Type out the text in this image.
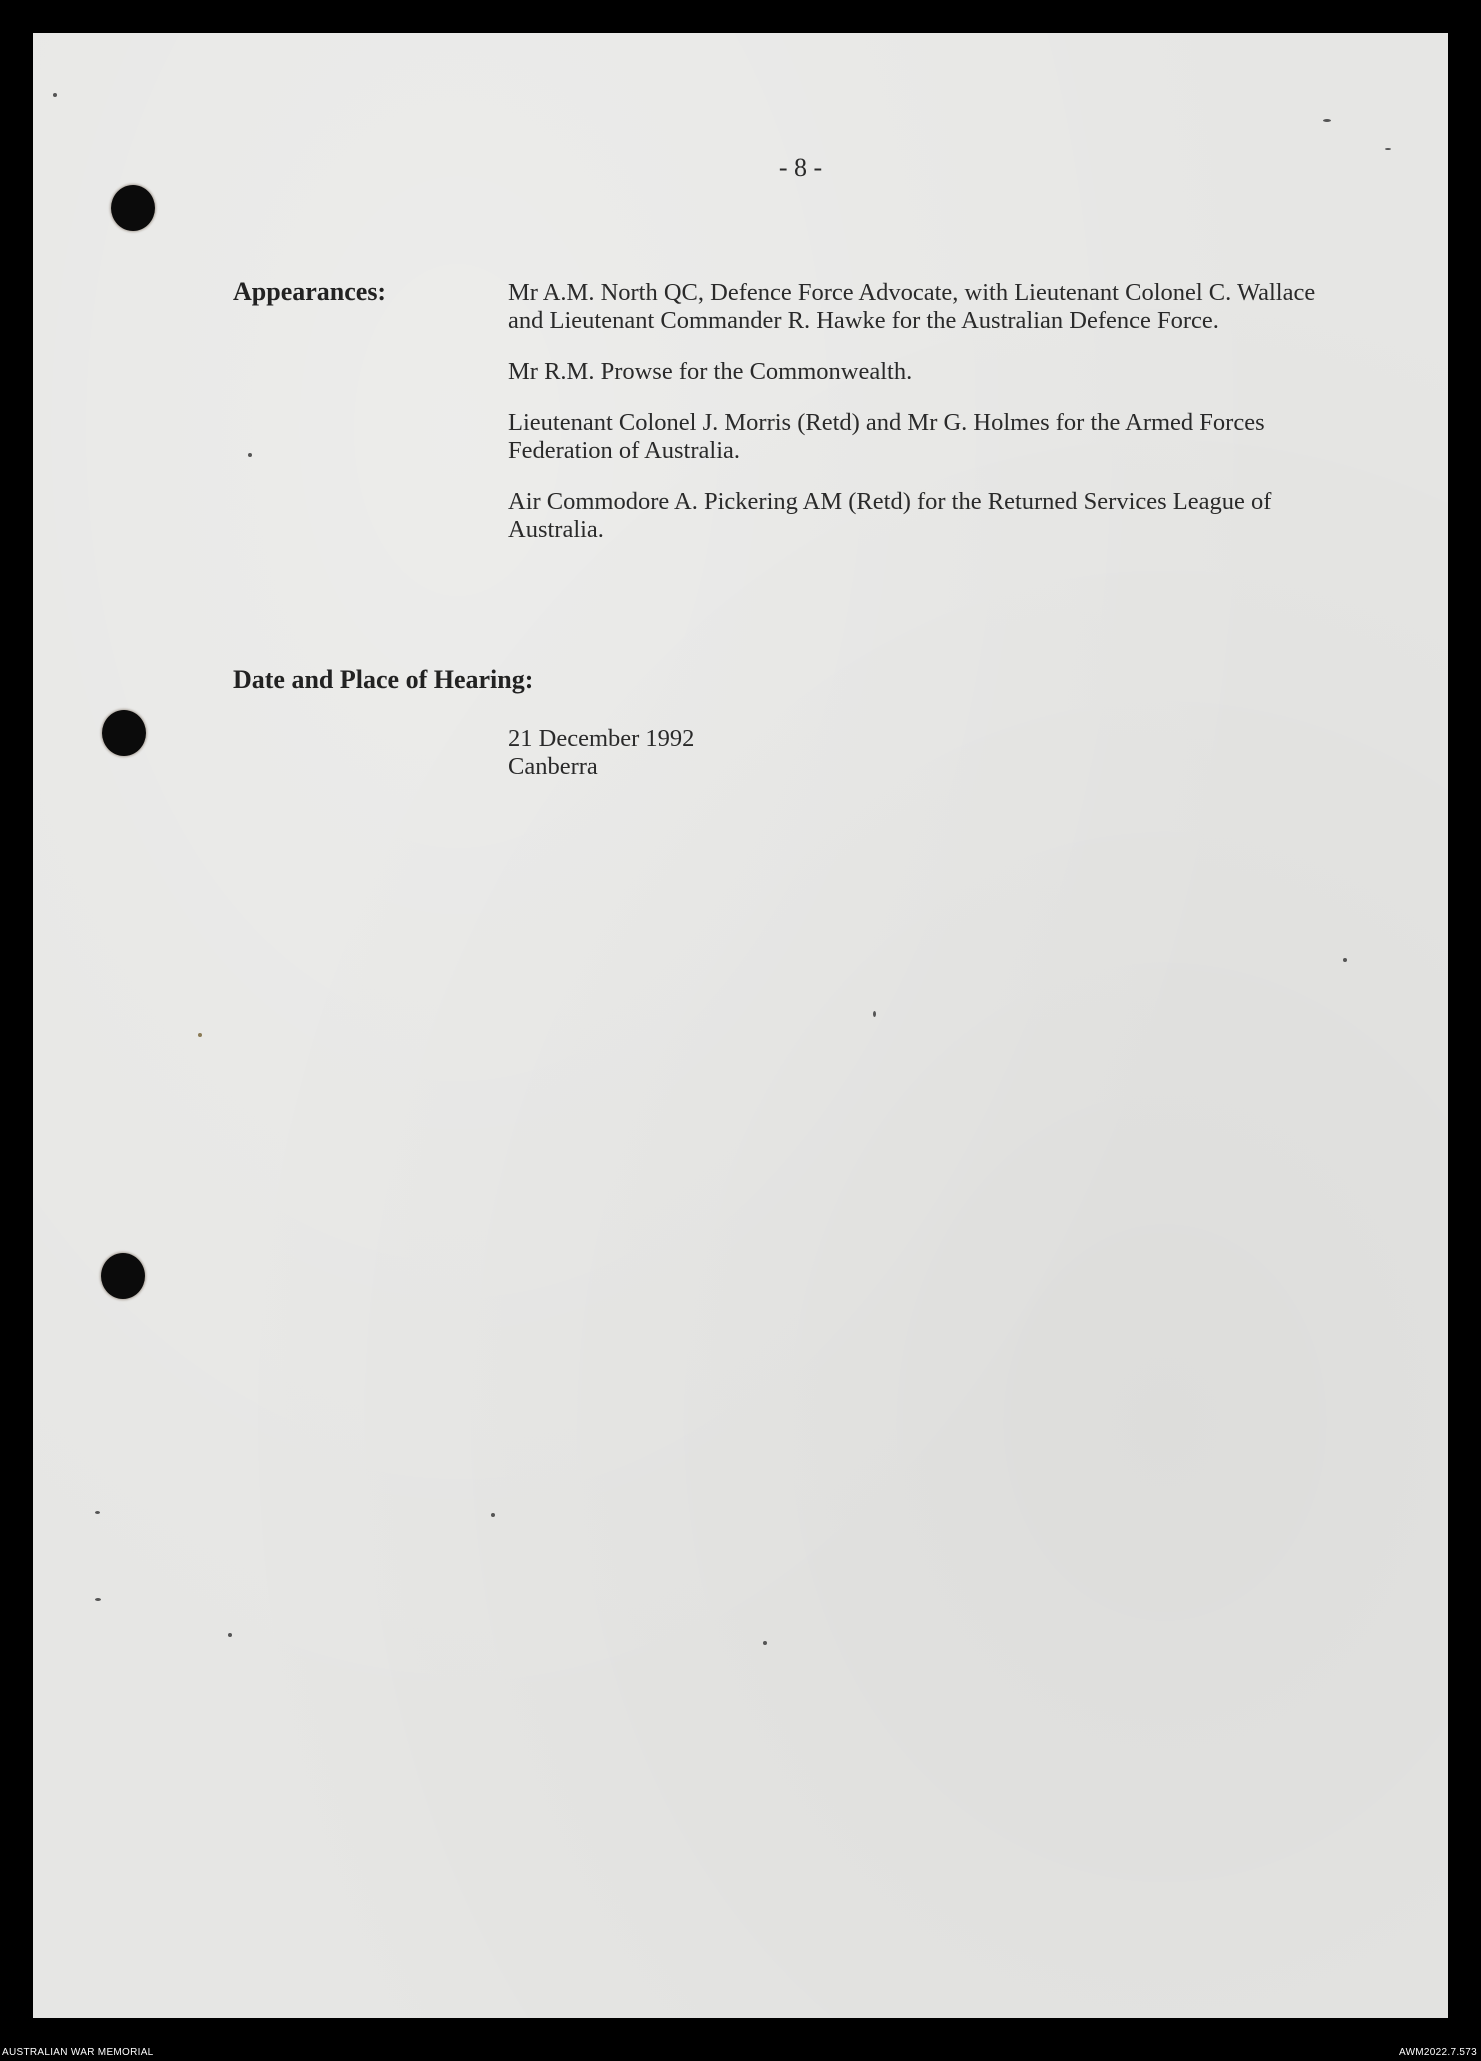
- 8 -
Appearances:	Mr A.M. North QC, Defence Force Advocate, with Lieutenant Colonel C. Wallace and Lieutenant Commander R. Hawke for the Australian Defence Force.

Mr R.M. Prowse for the Commonwealth.

Lieutenant Colonel J. Morris (Retd) and Mr G. Holmes for the Armed Forces Federation of Australia.

Air Commodore A. Pickering AM (Retd) for the Returned Services League of Australia.

Date and Place of Hearing:

21 December 1992

Canberra

AUSTRALIAN WAR MEMORIAL	AWM2022.7.573
